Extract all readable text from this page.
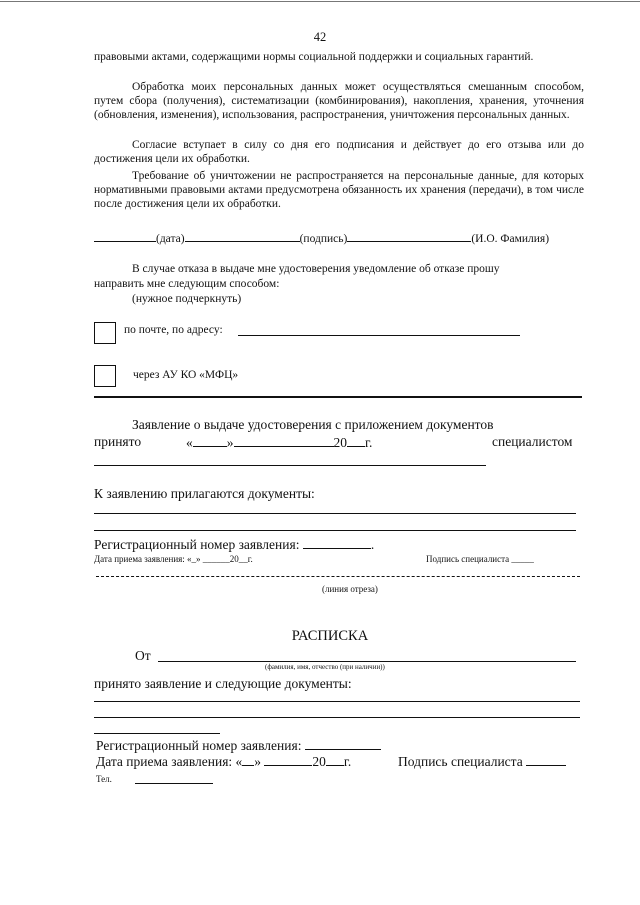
42
правовыми актами, содержащими нормы социальной поддержки и социальных гарантий.
Обработка моих персональных данных может осуществляться смешанным способом, путем сбора (получения), систематизации (комбинирования), накопления, хранения, уточнения (обновления, изменения), использования, распространения, уничтожения персональных данных.
Согласие вступает в силу со дня его подписания и действует до его отзыва или до достижения цели их обработки.
Требование об уничтожении не распространяется на персональные данные, для которых нормативными правовыми актами предусмотрена обязанность их хранения (передачи), в том числе после достижения цели их обработки.
(дата)	(подпись)	(И.О. Фамилия)
В случае отказа в выдаче мне удостоверения уведомление об отказе прошу
направить мне следующим способом:
(нужное подчеркнуть)
по почте, по адресу:
через АУ КО «МФЦ»
Заявление о выдаче удостоверения с приложением документов
принято	«	»	20 г.	специалистом
К заявлению прилагаются документы:
Регистрационный номер заявления:	.
Дата приема заявления: «_» ______20__г.	Подпись специалиста _____
(линия отреза)
РАСПИСКА
От
(фамилия, имя, отчество (при наличии))
принято заявление и следующие документы:
Регистрационный номер заявления:
Дата приема заявления: « »	20 г.	Подпись специалиста
Тел.
